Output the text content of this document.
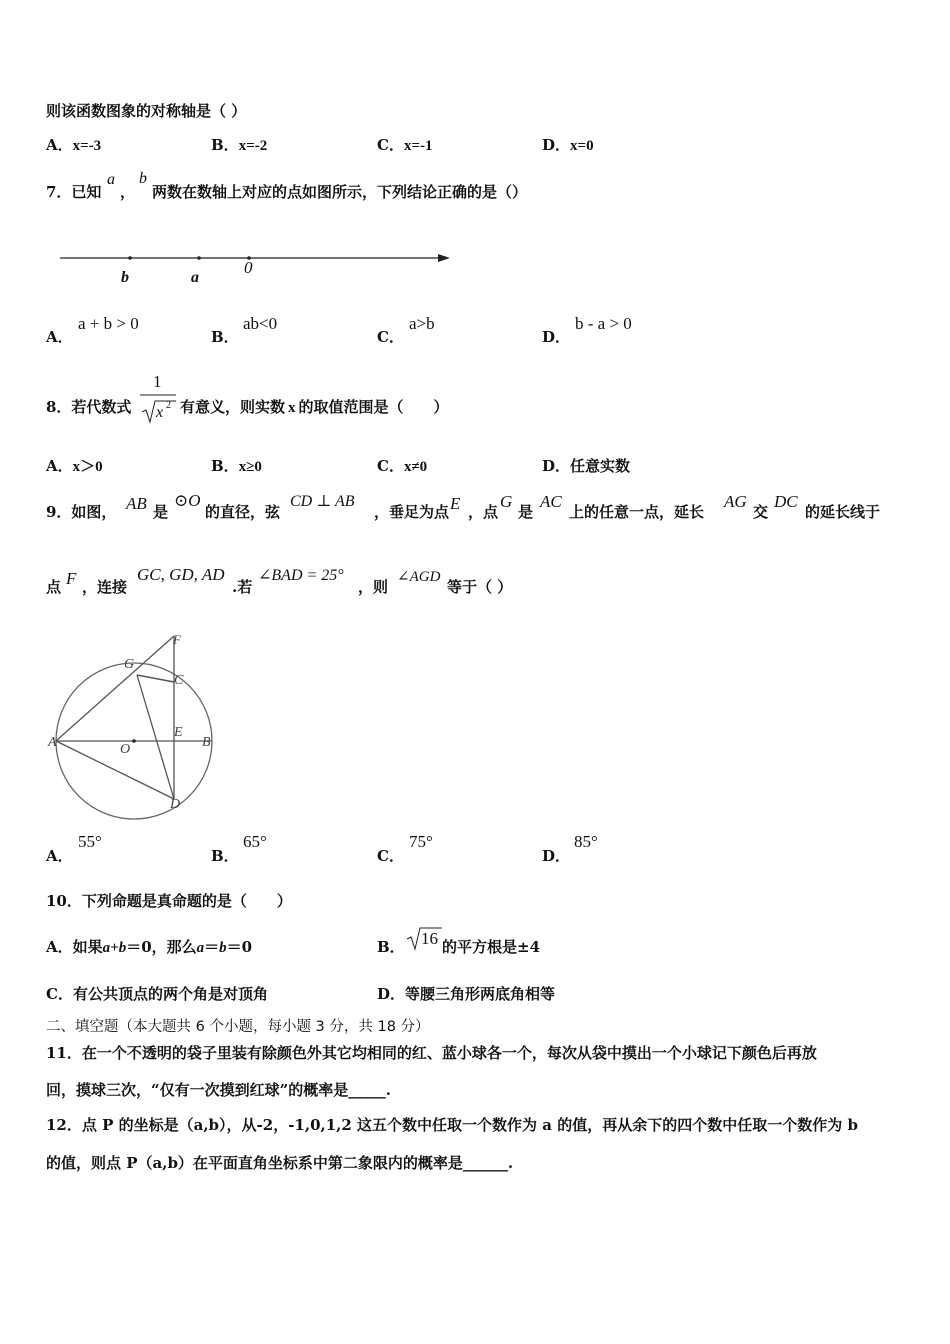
则该函数图象的对称轴是（ ）
A．x=-3	B．x=-2	C．x=-1	D．x=0
7．已知
a
，
b
两数在数轴上对应的点如图所示，下列结论正确的是（）
b	a
0
A．
a + b > 0
B．
ab<0
C．
a>b
D．
b - a > 0
8．若代数式
1
x 2 有意义，则实数 x 的取值范围是（　　）
A．x＞0	B．x≥0	C．x≠0	D．任意实数
9．如图， AB 是
⊙O
的直径，弦
CD ⊥ AB
，垂足为点 E ，点
G
是
AC
上的任意一点，延长
AG
交
DC
的延长线于
点 F ，连接
GC, GD, AD
.若
∠BAD = 25°
，则
∠AGD
等于（ ）
F
G
C
E
A	O	B
D
A．
55°
B．
65°
C．
75°
D．
85°
10．下列命题是真命题的是（　　）
A．如果a+b＝0，那么a＝b＝0	B． 16 的平方根是±4
C．有公共顶点的两个角是对顶角	D．等腰三角形两底角相等
二、填空题（本大题共 6 个小题，每小题 3 分，共 18 分）
11．在一个不透明的袋子里装有除颜色外其它均相同的红、蓝小球各一个，每次从袋中摸出一个小球记下颜色后再放
回，摸球三次，“仅有一次摸到红球”的概率是_____.
12．点 P 的坐标是（a,b），从-2，-1,0,1,2 这五个数中任取一个数作为 a 的值，再从余下的四个数中任取一个数作为 b
的值，则点 P（a,b）在平面直角坐标系中第二象限内的概率是______.
